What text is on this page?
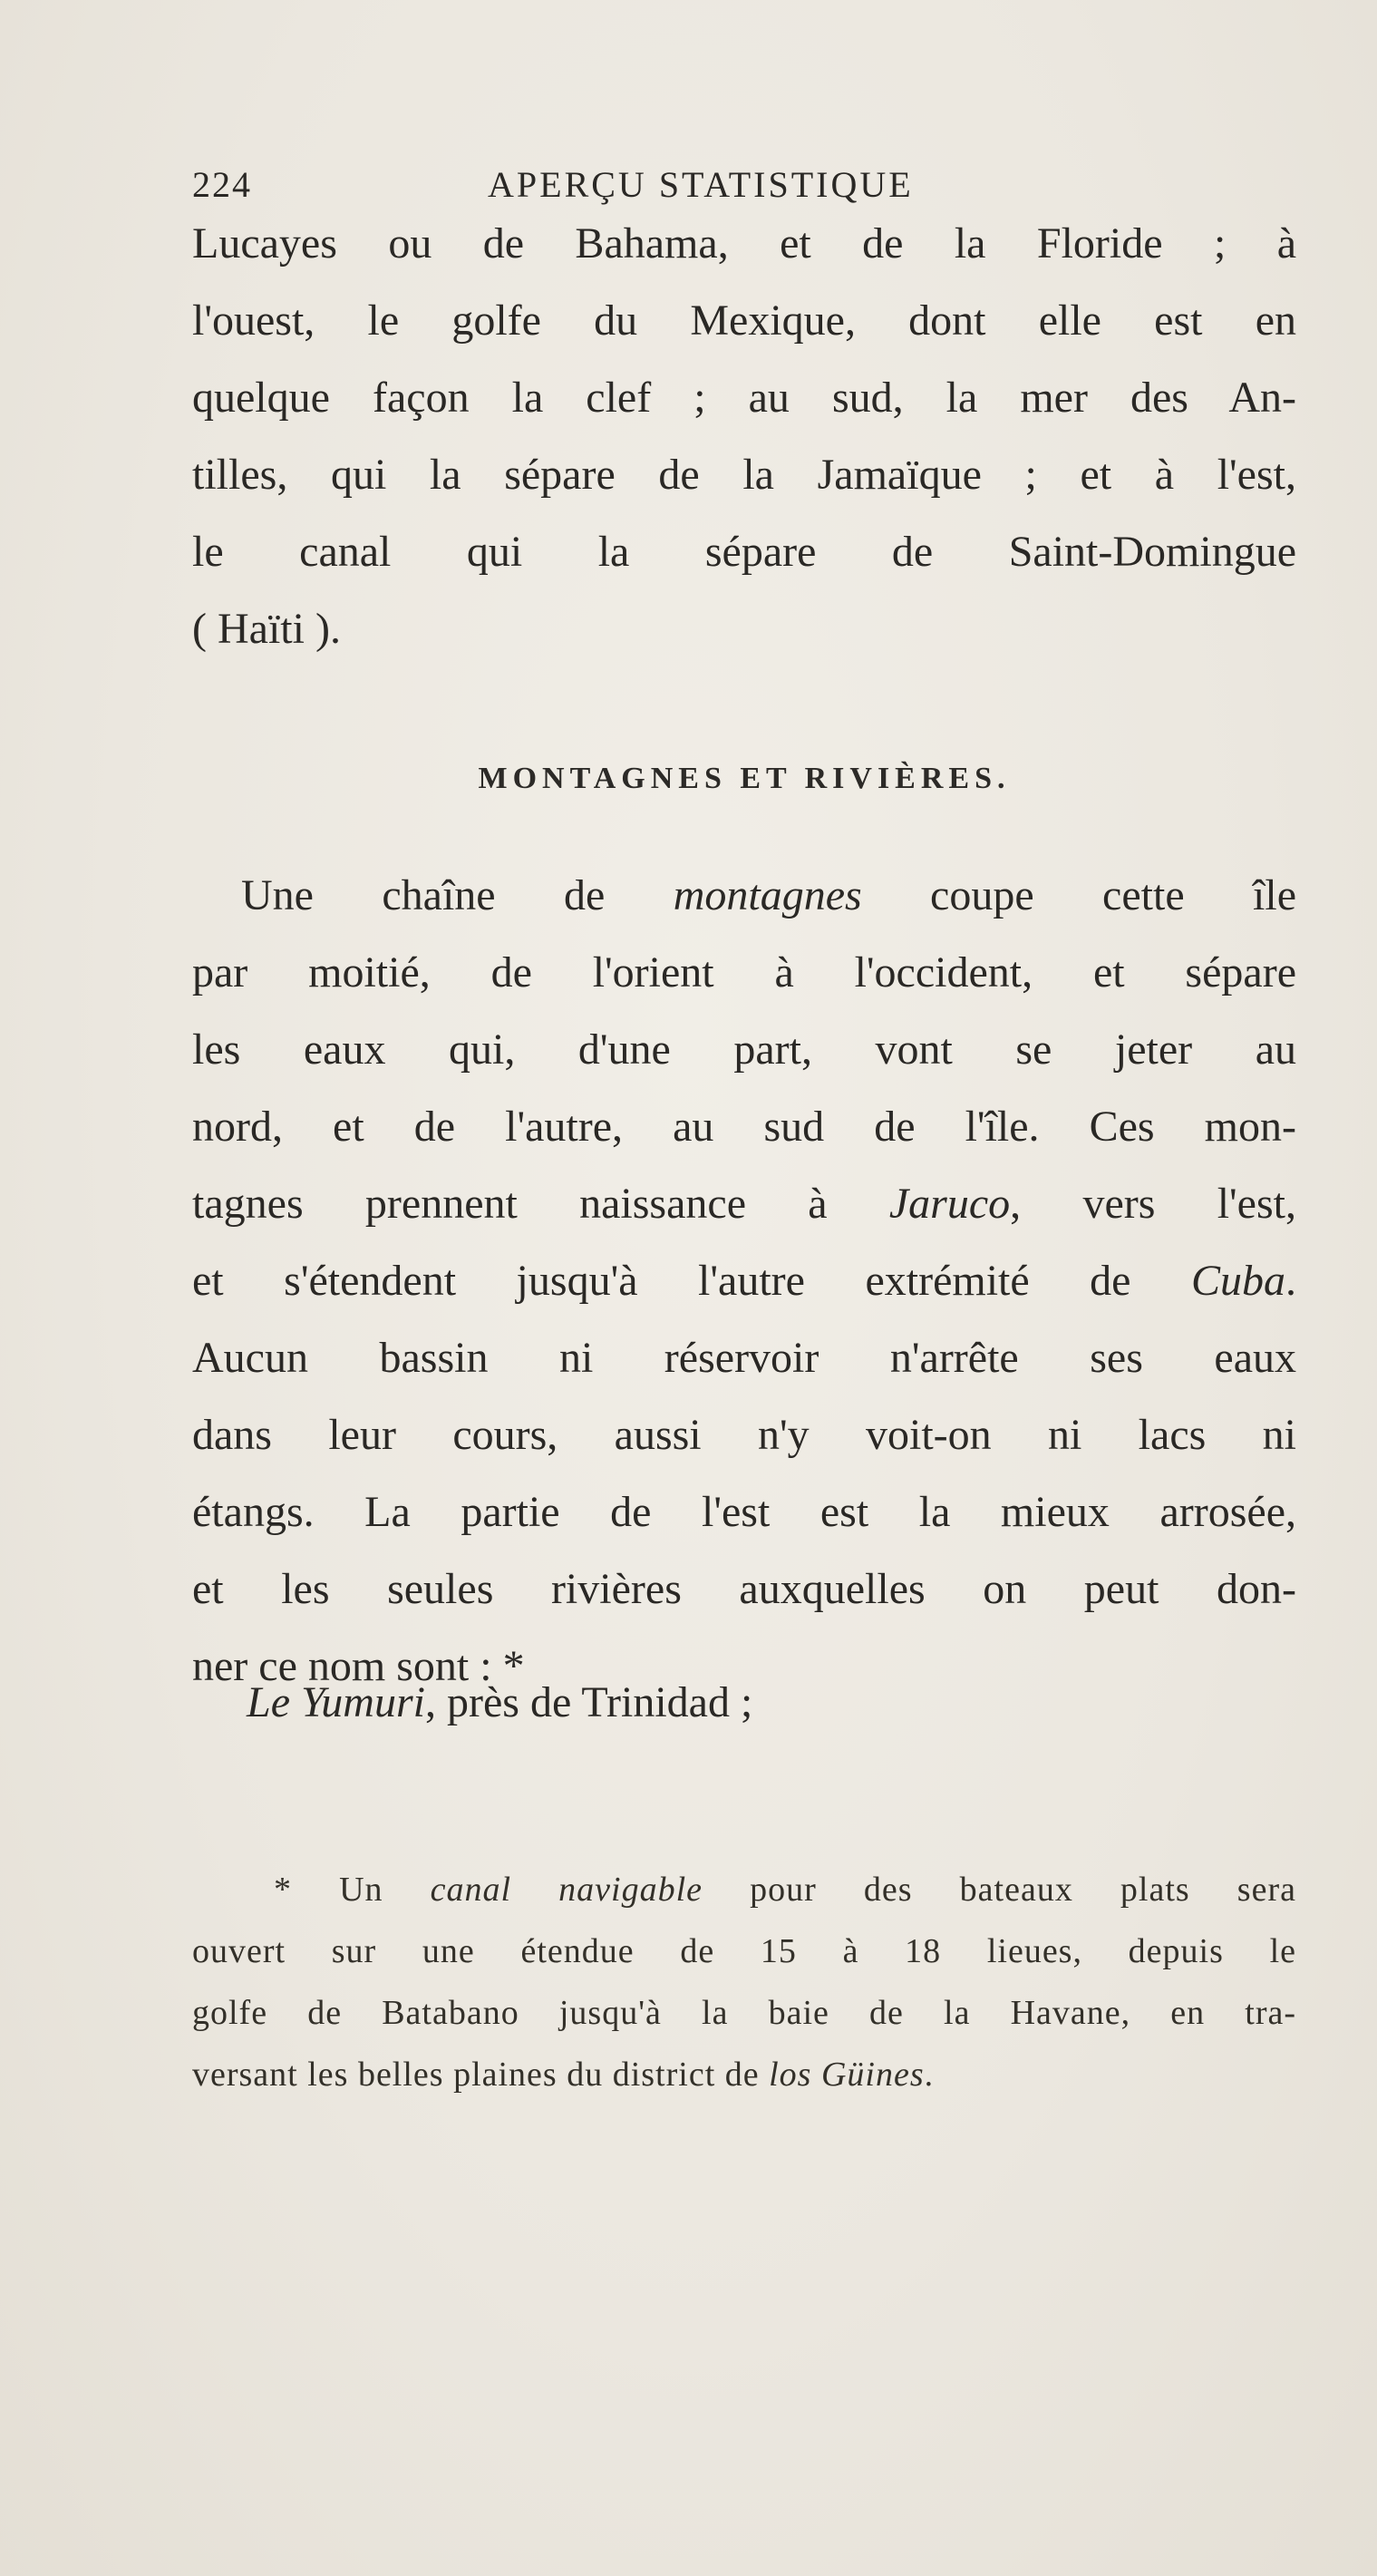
224	APERÇU STATISTIQUE
Lucayes ou de Bahama, et de la Floride ; à
l'ouest, le golfe du Mexique, dont elle est en
quelque façon la clef ; au sud, la mer des An-
tilles, qui la sépare de la Jamaïque ; et à l'est,
le canal qui la sépare de Saint-Domingue
( Haïti ).
MONTAGNES ET RIVIÈRES.
Une chaîne de montagnes coupe cette île
par moitié, de l'orient à l'occident, et sépare
les eaux qui, d'une part, vont se jeter au
nord, et de l'autre, au sud de l'île. Ces mon-
tagnes prennent naissance à Jaruco, vers l'est,
et s'étendent jusqu'à l'autre extrémité de Cuba.
Aucun bassin ni réservoir n'arrête ses eaux
dans leur cours, aussi n'y voit-on ni lacs ni
étangs. La partie de l'est est la mieux arrosée,
et les seules rivières auxquelles on peut don-
ner ce nom sont : *
Le Yumuri, près de Trinidad ;
* Un canal navigable pour des bateaux plats sera
ouvert sur une étendue de 15 à 18 lieues, depuis le
golfe de Batabano jusqu'à la baie de la Havane, en tra-
versant les belles plaines du district de los Güines.
